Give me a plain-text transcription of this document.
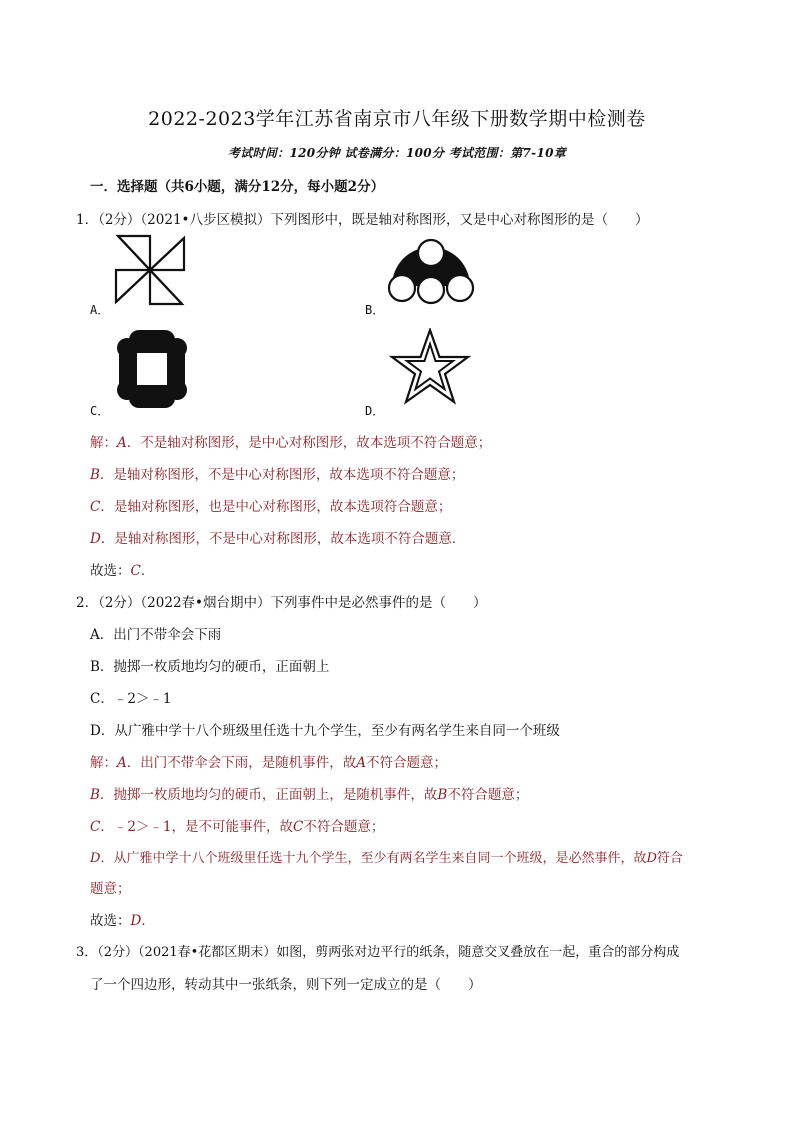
2022-2023学年江苏省南京市八年级下册数学期中检测卷
考试时间：120分钟 试卷满分：100分 考试范围：第7-10章
一．选择题（共6小题，满分12分，每小题2分）
1．（2分）（2021•八步区模拟）下列图形中，既是轴对称图形，又是中心对称图形的是（　　）
A．	B．
C．	D．
解：A．不是轴对称图形，是中心对称图形，故本选项不符合题意；
B．是轴对称图形，不是中心对称图形，故本选项不符合题意；
C．是轴对称图形，也是中心对称图形，故本选项符合题意；
D．是轴对称图形，不是中心对称图形，故本选项不符合题意．
故选：C．
2．（2分）（2022春•烟台期中）下列事件中是必然事件的是（　　）
A．出门不带伞会下雨
B．抛掷一枚质地均匀的硬币，正面朝上
C．﹣2＞﹣1
D．从广雅中学十八个班级里任选十九个学生，至少有两名学生来自同一个班级
解：A．出门不带伞会下雨，是随机事件，故A不符合题意；
B．抛掷一枚质地均匀的硬币，正面朝上，是随机事件，故B不符合题意；
C．﹣2＞﹣1，是不可能事件，故C不符合题意；
D．从广雅中学十八个班级里任选十九个学生，至少有两名学生来自同一个班级，是必然事件，故D符合
题意；
故选：D．
3．（2分）（2021春•花都区期末）如图，剪两张对边平行的纸条，随意交叉叠放在一起，重合的部分构成
了一个四边形，转动其中一张纸条，则下列一定成立的是（　　）
